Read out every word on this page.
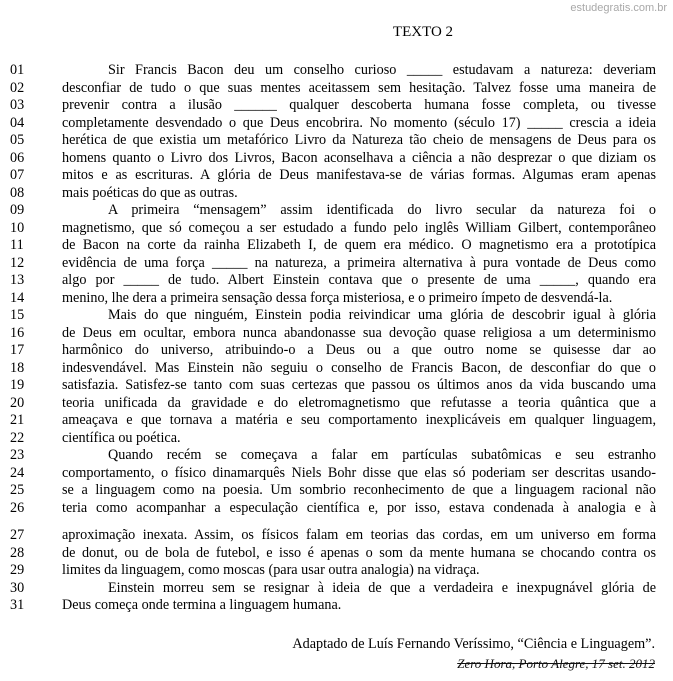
estudegratis.com.br
TEXTO 2
01	Sir Francis Bacon deu um conselho curioso _____ estudavam a natureza: deveriam
02	desconfiar de tudo o que suas mentes aceitassem sem hesitação. Talvez fosse uma maneira de
03	prevenir contra a ilusão ______ qualquer descoberta humana fosse completa, ou tivesse
04	completamente desvendado o que Deus encobrira. No momento (século 17) _____ crescia a ideia
05	herética de que existia um metafórico Livro da Natureza tão cheio de mensagens de Deus para os
06	homens quanto o Livro dos Livros, Bacon aconselhava a ciência a não desprezar o que diziam os
07	mitos e as escrituras. A glória de Deus manifestava-se de várias formas. Algumas eram apenas
08	mais poéticas do que as outras.
09	A primeira “mensagem” assim identificada do livro secular da natureza foi o
10	magnetismo, que só começou a ser estudado a fundo pelo inglês William Gilbert, contemporâneo
11	de Bacon na corte da rainha Elizabeth I, de quem era médico. O magnetismo era a prototípica
12	evidência de uma força _____ na natureza, a primeira alternativa à pura vontade de Deus como
13	algo por _____ de tudo. Albert Einstein contava que o presente de uma _____, quando era
14	menino, lhe dera a primeira sensação dessa força misteriosa, e o primeiro ímpeto de desvendá-la.
15	Mais do que ninguém, Einstein podia reivindicar uma glória de descobrir igual à glória
16	de Deus em ocultar, embora nunca abandonasse sua devoção quase religiosa a um determinismo
17	harmônico do universo, atribuindo-o a Deus ou a que outro nome se quisesse dar ao
18	indesvendável. Mas Einstein não seguiu o conselho de Francis Bacon, de desconfiar do que o
19	satisfazia. Satisfez-se tanto com suas certezas que passou os últimos anos da vida buscando uma
20	teoria unificada da gravidade e do eletromagnetismo que refutasse a teoria quântica que a
21	ameaçava e que tornava a matéria e seu comportamento inexplicáveis em qualquer linguagem,
22	científica ou poética.
23	Quando recém se começava a falar em partículas subatômicas e seu estranho
24	comportamento, o físico dinamarquês Niels Bohr disse que elas só poderiam ser descritas usando-
25	se a linguagem como na poesia. Um sombrio reconhecimento de que a linguagem racional não
26	teria como acompanhar a especulação científica e, por isso, estava condenada à analogia e à
27	aproximação inexata. Assim, os físicos falam em teorias das cordas, em um universo em forma
28	de donut, ou de bola de futebol, e isso é apenas o som da mente humana se chocando contra os
29	limites da linguagem, como moscas (para usar outra analogia) na vidraça.
30	Einstein morreu sem se resignar à ideia de que a verdadeira e inexpugnável glória de
31	Deus começa onde termina a linguagem humana.
Adaptado de Luís Fernando Veríssimo, “Ciência e Linguagem”.
Zero Hora, Porto Alegre, 17 set. 2012
